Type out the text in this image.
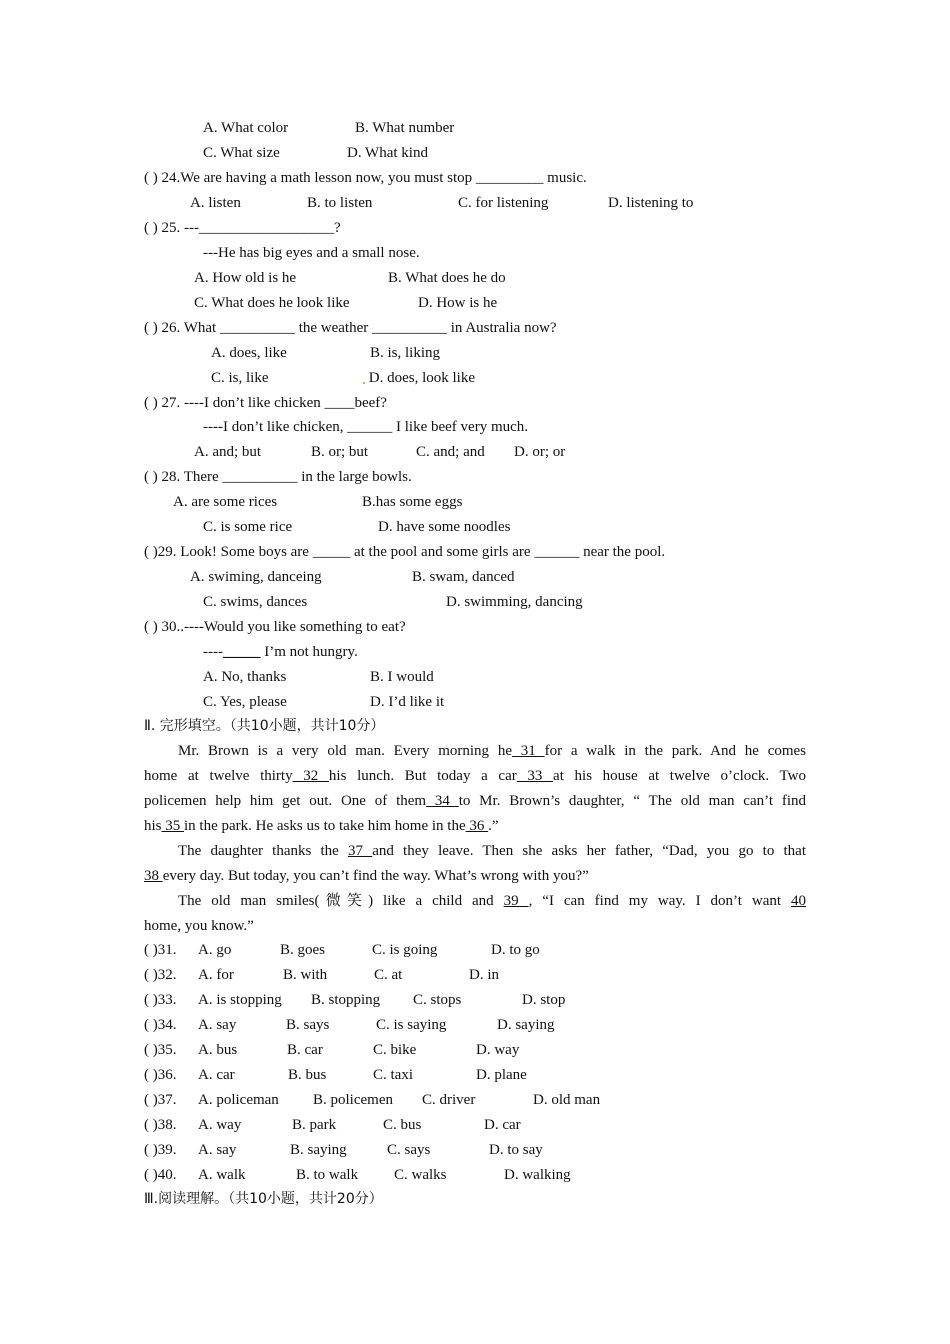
A. What color	B. What number
C. What size	D. What kind
( ) 24.We are having a math lesson now, you must stop _________ music.
A. listen	B. to listen	C. for listening	D. listening to
( ) 25. ---__________________?
---He has big eyes and a small nose.
A. How old is he	B. What does he do
C. What does he look like	D. How is he
( ) 26. What __________ the weather __________ in Australia now?
A. does, like	B. is, liking
C. is, like	D. does, look like
( ) 27. ----I don’t like chicken ____beef?
----I don’t like chicken, ______ I like beef very much.
A. and; but	B. or; but	C. and; and D. or; or
( ) 28. There __________ in the large bowls.
A. are some rices	B.has some eggs
C. is some rice	D. have some noodles
( )29. Look! Some boys are _____ at the pool and some girls are ______ near the pool.
A. swiming, danceing	B. swam, danced
C. swims, dances	D. swimming, dancing
( ) 30..----Would you like something to eat?
----_____ I’m not hungry.
A. No, thanks	B. I would
C. Yes, please	D. I’d like it
Ⅱ. 完形填空。（共10小题，共计10分）
Mr. Brown is a very old man. Every morning he 31 for a walk in the park. And he comes
home at twelve thirty 32 his lunch. But today a car 33 at his house at twelve o’clock. Two
policemen help him get out. One of them 34 to Mr. Brown’s daughter, “ The old man can’t find
his 35 in the park. He asks us to take him home in the 36 .”
The daughter thanks the 37 and they leave. Then she asks her father, “Dad, you go to that
38 every day. But today, you can’t find the way. What’s wrong with you?”
The old man smiles(微笑) like a child and 39 , “I can find my way. I don’t want 40
home, you know.”
( )31. A. go	B. goes	C. is going	D. to go
( )32. A. for	B. with	C. at	D. in
( )33. A. is stopping B. stopping C. stops	D. stop
( )34. A. say	B. says	C. is saying	D. saying
( )35. A. bus	B. car	C. bike	D. way
( )36. A. car	B. bus	C. taxi	D. plane
( )37. A. policeman B. policemen C. driver	D. old man
( )38. A. way	B. park	C. bus	D. car
( )39. A. say	B. saying	C. says	D. to say
( )40. A. walk	B. to walk C. walks	D. walking
Ⅲ.阅读理解。（共10小题，共计20分）
